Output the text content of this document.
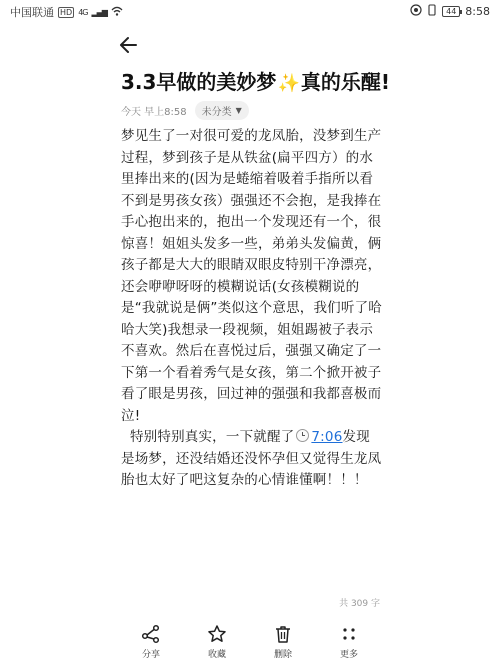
中国联通 HD 4G ▂▄▆	44 8:58
3.3早做的美妙梦✨真的乐醒!
今天 早上8:58 未分类 ▼

梦见生了一对很可爱的龙凤胎，没梦到生产过程，梦到孩子是从铁盆(扁平四方）的水里捧出来的(因为是蜷缩着吸着手指所以看不到是男孩女孩）强强还不会抱，是我捧在手心抱出来的，抱出一个发现还有一个，很惊喜！姐姐头发多一些，弟弟头发偏黄，俩孩子都是大大的眼睛双眼皮特别干净漂亮，还会咿咿呀呀的模糊说话(女孩模糊说的是“我就说是俩”类似这个意思，我们听了哈哈大笑)我想录一段视频，姐姐踢被子表示不喜欢。然后在喜悦过后，强强又确定了一下第一个看着秀气是女孩，第二个掀开被子看了眼是男孩，回过神的强强和我都喜极而泣!

特别特别真实，一下就醒了 7:06发现是场梦，还没结婚还没怀孕但又觉得生龙凤胎也太好了吧这复杂的心情谁懂啊！！！

共 309 字
分享	收藏	删除	更多
